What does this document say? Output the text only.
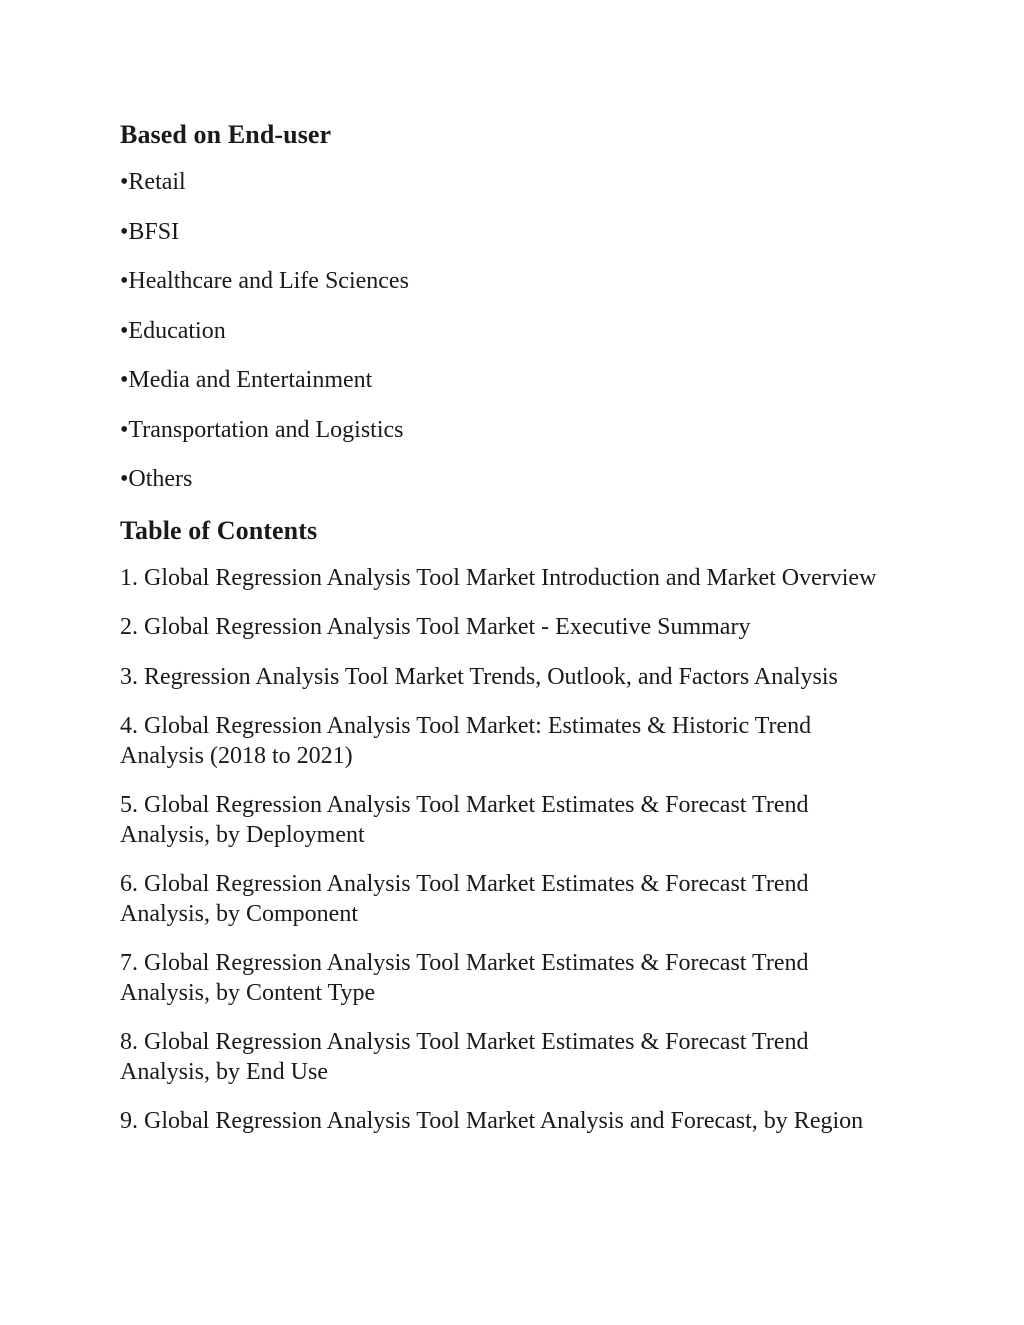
Based on End-user

•Retail

•BFSI

•Healthcare and Life Sciences

•Education

•Media and Entertainment

•Transportation and Logistics

•Others

Table of Contents

1. Global Regression Analysis Tool Market Introduction and Market Overview

2. Global Regression Analysis Tool Market - Executive Summary

3. Regression Analysis Tool Market Trends, Outlook, and Factors Analysis

4. Global Regression Analysis Tool Market: Estimates & Historic Trend Analysis (2018 to 2021)

5. Global Regression Analysis Tool Market Estimates & Forecast Trend Analysis, by Deployment

6. Global Regression Analysis Tool Market Estimates & Forecast Trend Analysis, by Component

7. Global Regression Analysis Tool Market Estimates & Forecast Trend Analysis, by Content Type

8. Global Regression Analysis Tool Market Estimates & Forecast Trend Analysis, by End Use

9. Global Regression Analysis Tool Market Analysis and Forecast, by Region
